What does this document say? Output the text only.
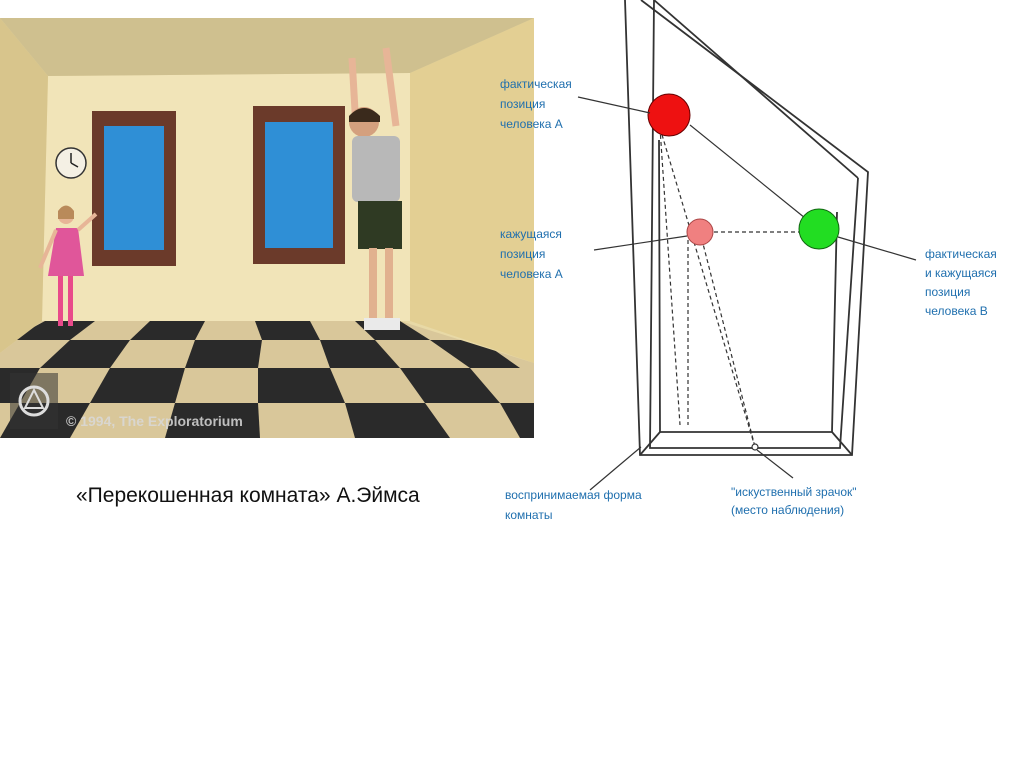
© 1994, The Exploratorium
«Перекошенная комната» А.Эймса
фактическая позиция человека А
кажущаяся позиция человека А
фактическая и кажущаяся позиция человека В
воспринимаемая форма комнаты
"искуственный зрачок" (место наблюдения)
